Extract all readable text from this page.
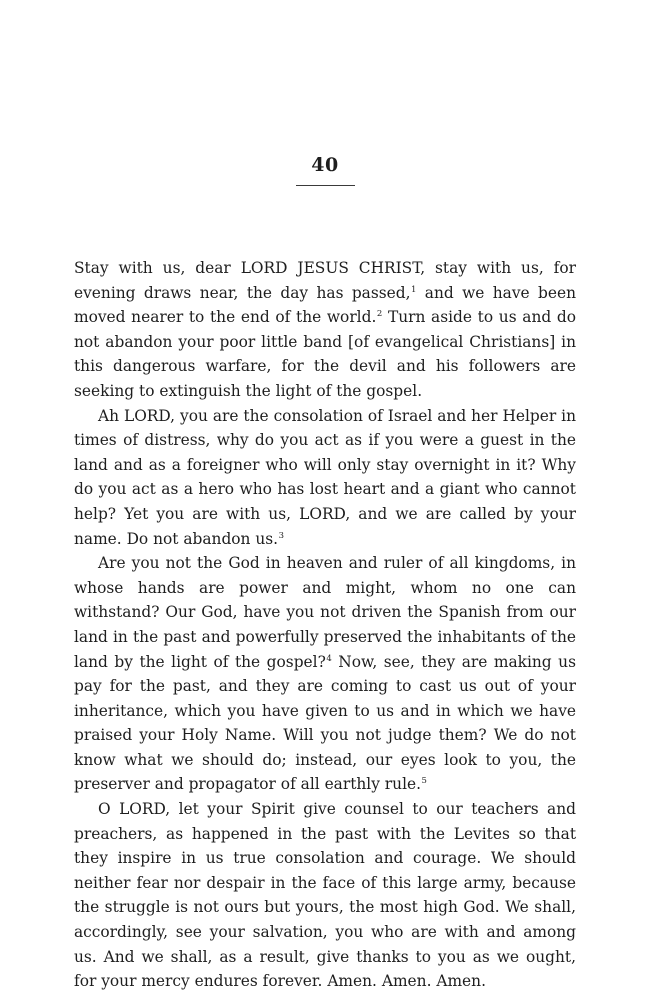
40

Stay with us, dear LORD JESUS CHRIST, stay with us, for evening draws near, the day has passed,$^1$ and we have been moved nearer to the end of the world.$^2$ Turn aside to us and do not abandon your poor little band [of evangelical Christians] in this dangerous warfare, for the devil and his followers are seeking to extinguish the light of the gospel.

Ah LORD, you are the consolation of Israel and her Helper in times of distress, why do you act as if you were a guest in the land and as a foreigner who will only stay overnight in it? Why do you act as a hero who has lost heart and a giant who cannot help? Yet you are with us, LORD, and we are called by your name. Do not abandon us.$^3$

Are you not the God in heaven and ruler of all kingdoms, in whose hands are power and might, whom no one can withstand? Our God, have you not driven the Spanish from our land in the past and powerfully preserved the inhabitants of the land by the light of the gospel?$^4$ Now, see, they are making us pay for the past, and they are coming to cast us out of your inheritance, which you have given to us and in which we have praised your Holy Name. Will you not judge them? We do not know what we should do; instead, our eyes look to you, the preserver and propagator of all earthly rule.$^5$

O LORD, let your Spirit give counsel to our teachers and preachers, as happened in the past with the Levites so that they inspire in us true consolation and courage. We should neither fear nor despair in the face of this large army, because the struggle is not ours but yours, the most high God. We shall, accordingly, see your salvation, you who are with and among us. And we shall, as a result, give thanks to you as we ought, for your mercy endures forever. Amen. Amen. Amen.
